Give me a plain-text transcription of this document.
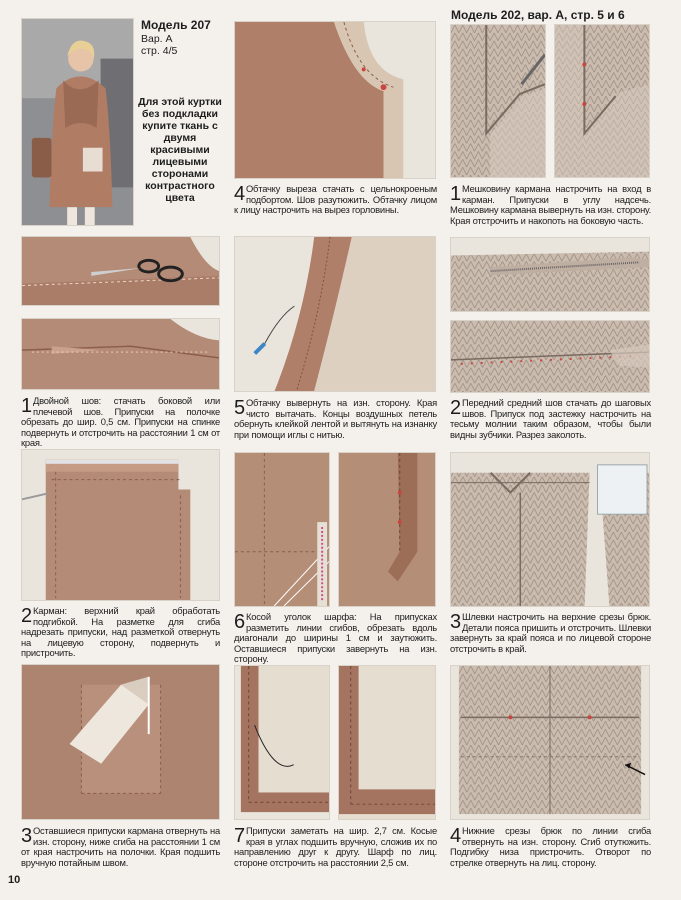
Модель 207
Вар. А
стр. 4/5
Для этой куртки без подкладки купите ткань с двумя красивыми лицевыми сторонами контрастного цвета
1 Двойной шов: стачать боковой или плечевой шов. Припуски на полочке обрезать до шир. 0,5 см. Припуски на спинке подвернуть и отстрочить на расстоянии 1 см от края.
2 Карман: верхний край обработать подгибкой. На разметке для сгиба надрезать припуски, над разметкой отвернуть на лицевую сторону, подвернуть и пристрочить.
3 Оставшиеся припуски кармана отвернуть на изн. сторону, ниже сгиба на расстоянии 1 см от края настрочить на полочки. Края подшить вручную потайным швом.
10
4 Обтачку выреза стачать с цельнокроеным подбортом. Шов разутюжить. Обтачку лицом к лицу настрочить на вырез горловины.
5 Обтачку вывернуть на изн. сторону. Края чисто вытачать. Концы воздушных петель обернуть клейкой лентой и вытянуть на изнанку при помощи иглы с нитью.
6 Косой уголок шарфа: На припусках разметить линии сгибов, обрезать вдоль диагонали до ширины 1 см и заутюжить. Оставшиеся припуски завернуть на изн. сторону.
7 Припуски заметать на шир. 2,7 см. Косые края в углах подшить вручную, сложив их по направлению друг к другу. Шарф по лиц. стороне отстрочить на расстоянии 2,5 см.
Модель 202, вар. А, стр. 5 и 6
1 Мешковину кармана настрочить на вход в карман. Припуски в углу надсечь. Мешковину кармана вывернуть на изн. сторону. Края отстрочить и накопоть на боковую часть.
2 Передний средний шов стачать до шаговых швов. Припуск под застежку настрочить на тесьму молнии таким образом, чтобы были видны зубчики. Разрез заколоть.
3 Шлевки настрочить на верхние срезы брюк. Детали пояса пришить и отстрочить. Шлевки завернуть за край пояса и по лицевой стороне отстрочить в край.
4 Нижние срезы брюк по линии сгиба отвернуть на изн. сторону. Сгиб отутюжить. Подгибку низа пристрочить. Отворот по стрелке отвернуть на лиц. сторону.
